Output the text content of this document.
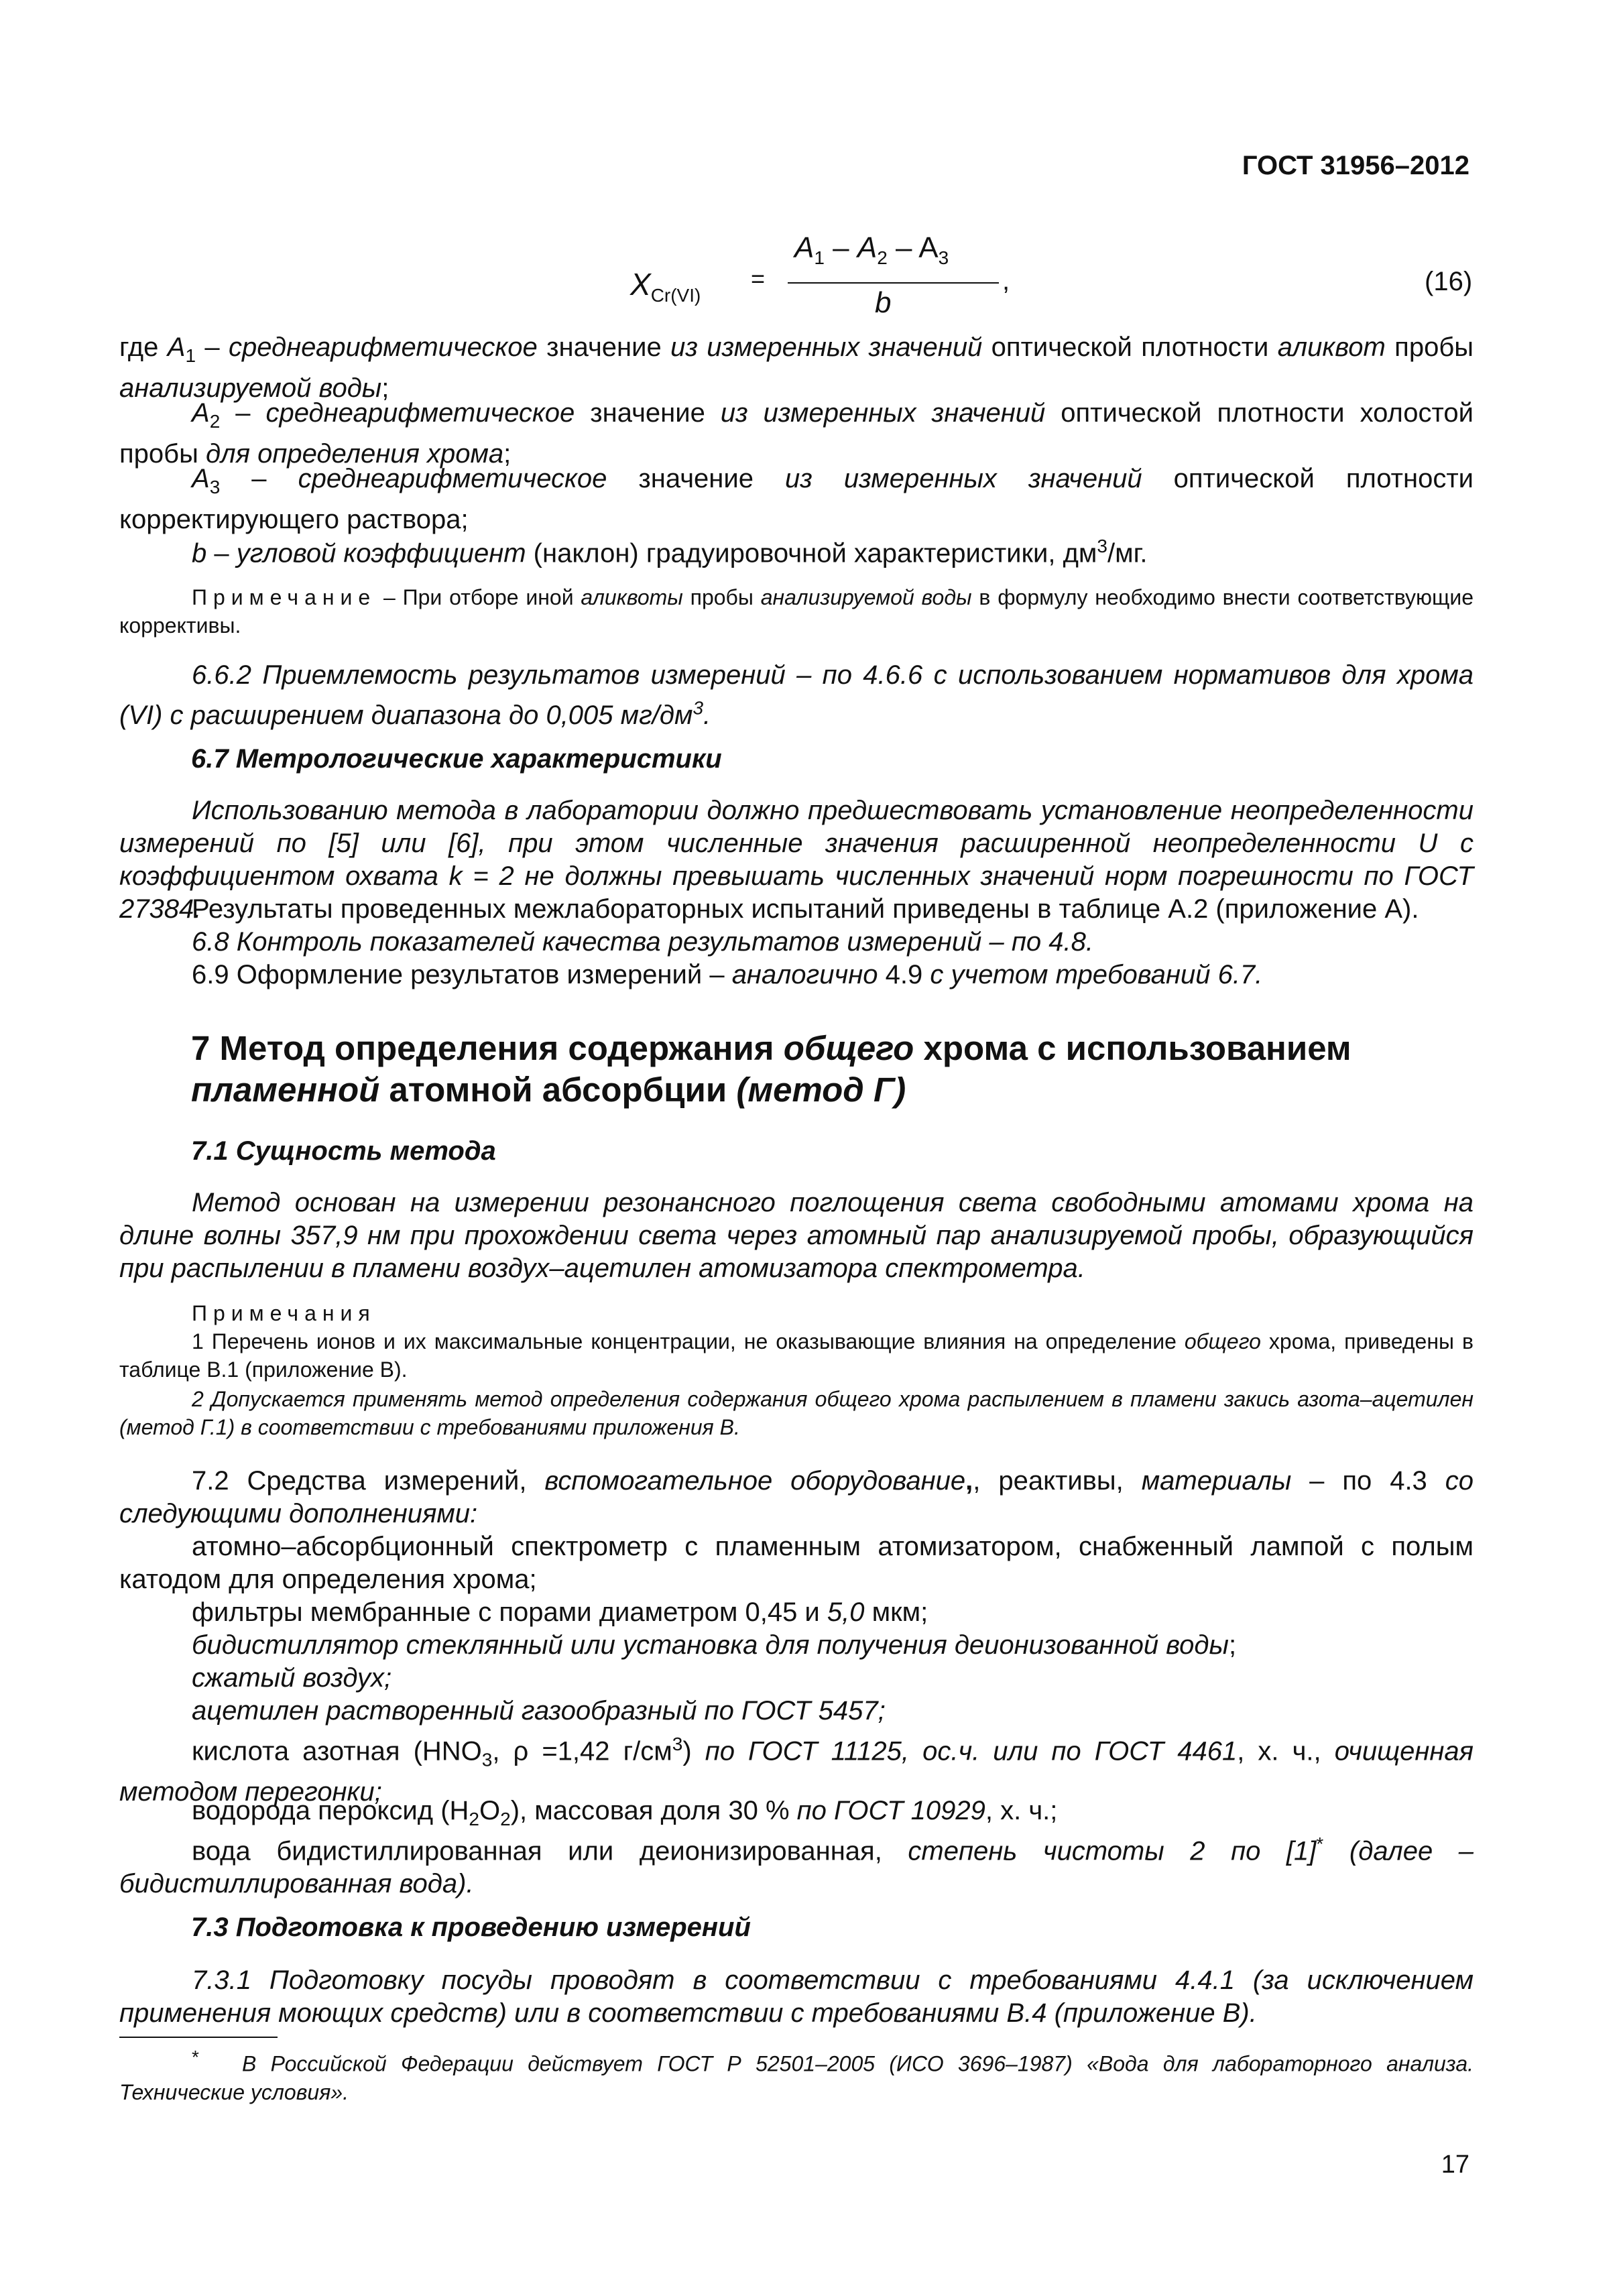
ГОСТ 31956–2012
$X_{Cr(VI)}$
=
$A_1 - A_2 - A_3$
b
,	(16)
где $A_1$ – среднеарифметическое значение из измеренных значений оптической плотности аликвот пробы анализируемой воды;
$A_2$ – среднеарифметическое значение из измеренных значений оптической плотности холостой пробы для определения хрома;
$A_3$ – среднеарифметическое значение из измеренных значений оптической плотности корректирующего раствора;
b – угловой коэффициент (наклон) градуировочной характеристики, $дм^3/мг$.
Примечание – При отборе иной аликвоты пробы анализируемой воды в формулу необходимо внести соответствующие коррективы.
6.6.2 Приемлемость результатов измерений – по 4.6.6 с использованием нормативов для хрома (VI) с расширением диапазона до 0,005 $мг/дм^3$.
6.7 Метрологические характеристики
Использованию метода в лаборатории должно предшествовать установление неопределенности измерений по [5] или [6], при этом численные значения расширенной неопределенности U с коэффициентом охвата k = 2 не должны превышать численных значений норм погрешности по ГОСТ 27384.
Результаты проведенных межлабораторных испытаний приведены в таблице А.2 (приложение А).
6.8 Контроль показателей качества результатов измерений – по 4.8.
6.9 Оформление результатов измерений – аналогично 4.9 с учетом требований 6.7.
7 Метод определения содержания общего хрома с использованием
пламенной атомной абсорбции (метод Г)
7.1 Сущность метода
Метод основан на измерении резонансного поглощения света свободными атомами хрома на длине волны 357,9 нм при прохождении света через атомный пар анализируемой пробы, образующийся при распылении в пламени воздух–ацетилен атомизатора спектрометра.
Примечания
1 Перечень ионов и их максимальные концентрации, не оказывающие влияния на определение общего хрома, приведены в таблице В.1 (приложение В).
2 Допускается применять метод определения содержания общего хрома распылением в пламени закись азота–ацетилен (метод Г.1) в соответствии с требованиями приложения В.
7.2 Средства измерений, вспомогательное оборудование,, реактивы, материалы – по 4.3 со следующими дополнениями:
атомно–абсорбционный спектрометр с пламенным атомизатором, снабженный лампой с полым катодом для определения хрома;
фильтры мембранные с порами диаметром 0,45 и 5,0 мкм;
бидистиллятор стеклянный или установка для получения деионизованной воды;
сжатый воздух;
ацетилен растворенный газообразный по ГОСТ 5457;
кислота азотная ($HNO_3$, ρ =1,42 $г/см^3$) по ГОСТ 11125, ос.ч. или по ГОСТ 4461, х. ч., очищенная методом перегонки;
водорода пероксид $(H_2O_2)$, массовая доля 30 % по ГОСТ 10929, х. ч.;
вода бидистиллированная или деионизированная, степень чистоты 2 по [1]* (далее – бидистиллированная вода).
7.3 Подготовка к проведению измерений
7.3.1 Подготовку посуды проводят в соответствии с требованиями 4.4.1 (за исключением применения моющих средств) или в соответствии с требованиями В.4 (приложение В).
* В Российской Федерации действует ГОСТ Р 52501–2005 (ИСО 3696–1987) «Вода для лабораторного анализа. Технические условия».
17
